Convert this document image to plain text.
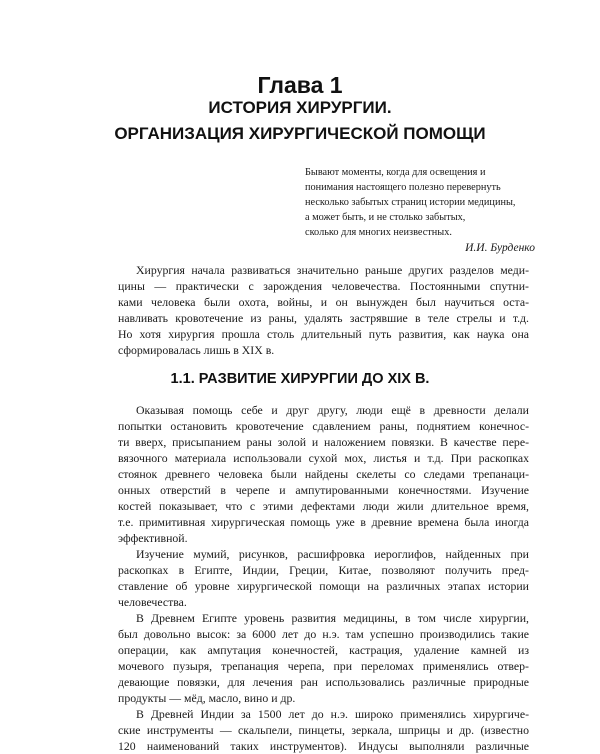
Глава 1
ИСТОРИЯ ХИРУРГИИ.
ОРГАНИЗАЦИЯ ХИРУРГИЧЕСКОЙ ПОМОЩИ
Бывают моменты, когда для освещения и
понимания настоящего полезно перевернуть
несколько забытых страниц истории медицины,
а может быть, и не столько забытых,
сколько для многих неизвестных.
И.И. Бурденко
Хирургия начала развиваться значительно раньше других разделов меди-
цины — практически с зарождения человечества. Постоянными спутни-
ками человека были охота, войны, и он вынужден был научиться оста-
навливать кровотечение из раны, удалять застрявшие в теле стрелы и т.д.
Но хотя хирургия прошла столь длительный путь развития, как наука она
сформировалась лишь в XIX в.
1.1. РАЗВИТИЕ ХИРУРГИИ ДО XIX В.
Оказывая помощь себе и друг другу, люди ещё в древности делали
попытки остановить кровотечение сдавлением раны, поднятием конечнос-
ти вверх, присыпанием раны золой и наложением повязки. В качестве пере-
вязочного материала использовали сухой мох, листья и т.д. При раскопках
стоянок древнего человека были найдены скелеты со следами трепанаци-
онных отверстий в черепе и ампутированными конечностями. Изучение
костей показывает, что с этими дефектами люди жили длительное время,
т.е. примитивная хирургическая помощь уже в древние времена была иногда
эффективной.
Изучение мумий, рисунков, расшифровка иероглифов, найденных при
раскопках в Египте, Индии, Греции, Китае, позволяют получить пред-
ставление об уровне хирургической помощи на различных этапах истории
человечества.
В Древнем Египте уровень развития медицины, в том числе хирургии,
был довольно высок: за 6000 лет до н.э. там успешно производились такие
операции, как ампутация конечностей, кастрация, удаление камней из
мочевого пузыря, трепанация черепа, при переломах применялись отвер-
девающие повязки, для лечения ран использовались различные природные
продукты — мёд, масло, вино и др.
В Древней Индии за 1500 лет до н.э. широко применялись хирургиче-
ские инструменты — скальпели, пинцеты, зеркала, шприцы и др. (известно
120 наименований таких инструментов). Индусы выполняли различные
